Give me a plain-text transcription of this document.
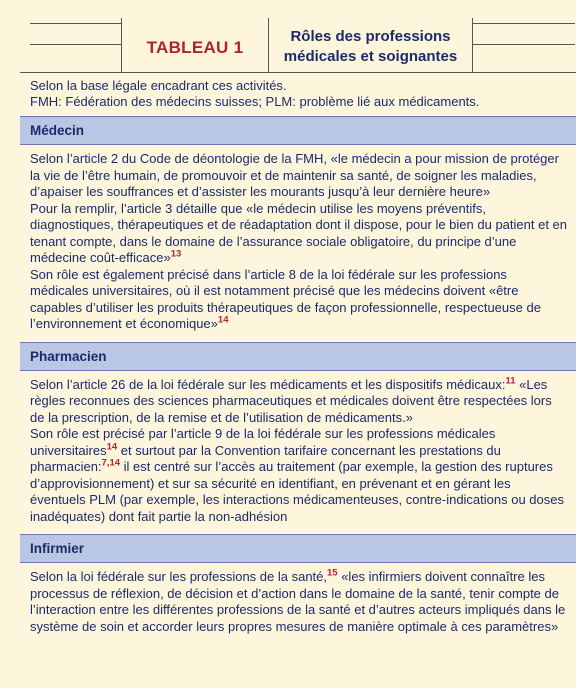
TABLEAU 1
Rôles des professions
médicales et soignantes
Selon la base légale encadrant ces activités.
FMH: Fédération des médecins suisses; PLM: problème lié aux médicaments.
Médecin

Selon l’article 2 du Code de déontologie de la FMH, «le médecin a pour mission de protéger la vie de l’être humain, de promouvoir et de maintenir sa santé, de soigner les maladies, d’apaiser les souffrances et d’assister les mourants jusqu’à leur dernière heure»

Pour la remplir, l’article 3 détaille que «le médecin utilise les moyens préventifs, diagnostiques, thérapeutiques et de réadaptation dont il dispose, pour le bien du patient et en tenant compte, dans le domaine de l’assurance sociale obligatoire, du principe d’une médecine coût-efficace»$^{13}$

Son rôle est également précisé dans l’article 8 de la loi fédérale sur les professions médicales universitaires, où il est notamment précisé que les médecins doivent «être capables d’utiliser les produits thérapeutiques de façon professionnelle, respectueuse de l’environnement et économique»$^{14}$

Pharmacien

Selon l’article 26 de la loi fédérale sur les médicaments et les dispositifs médicaux:$^{11}$ «Les règles reconnues des sciences pharmaceutiques et médicales doivent être respectées lors de la prescription, de la remise et de l’utilisation de médicaments.»

Son rôle est précisé par l’article 9 de la loi fédérale sur les professions médicales universitaires$^{14}$ et surtout par la Convention tarifaire concernant les prestations du pharmacien:$^{7,14}$ il est centré sur l’accès au traitement (par exemple, la gestion des ruptures d’approvisionnement) et sur sa sécurité en identifiant, en prévenant et en gérant les éventuels PLM (par exemple, les interactions médicamenteuses, contre-indications ou doses inadéquates) dont fait partie la non-adhésion

Infirmier

Selon la loi fédérale sur les professions de la santé,$^{15}$ «les infirmiers doivent connaître les processus de réflexion, de décision et d’action dans le domaine de la santé, tenir compte de l’interaction entre les différentes professions de la santé et d’autres acteurs impliqués dans le système de soin et accorder leurs propres mesures de manière optimale à ces paramètres»
